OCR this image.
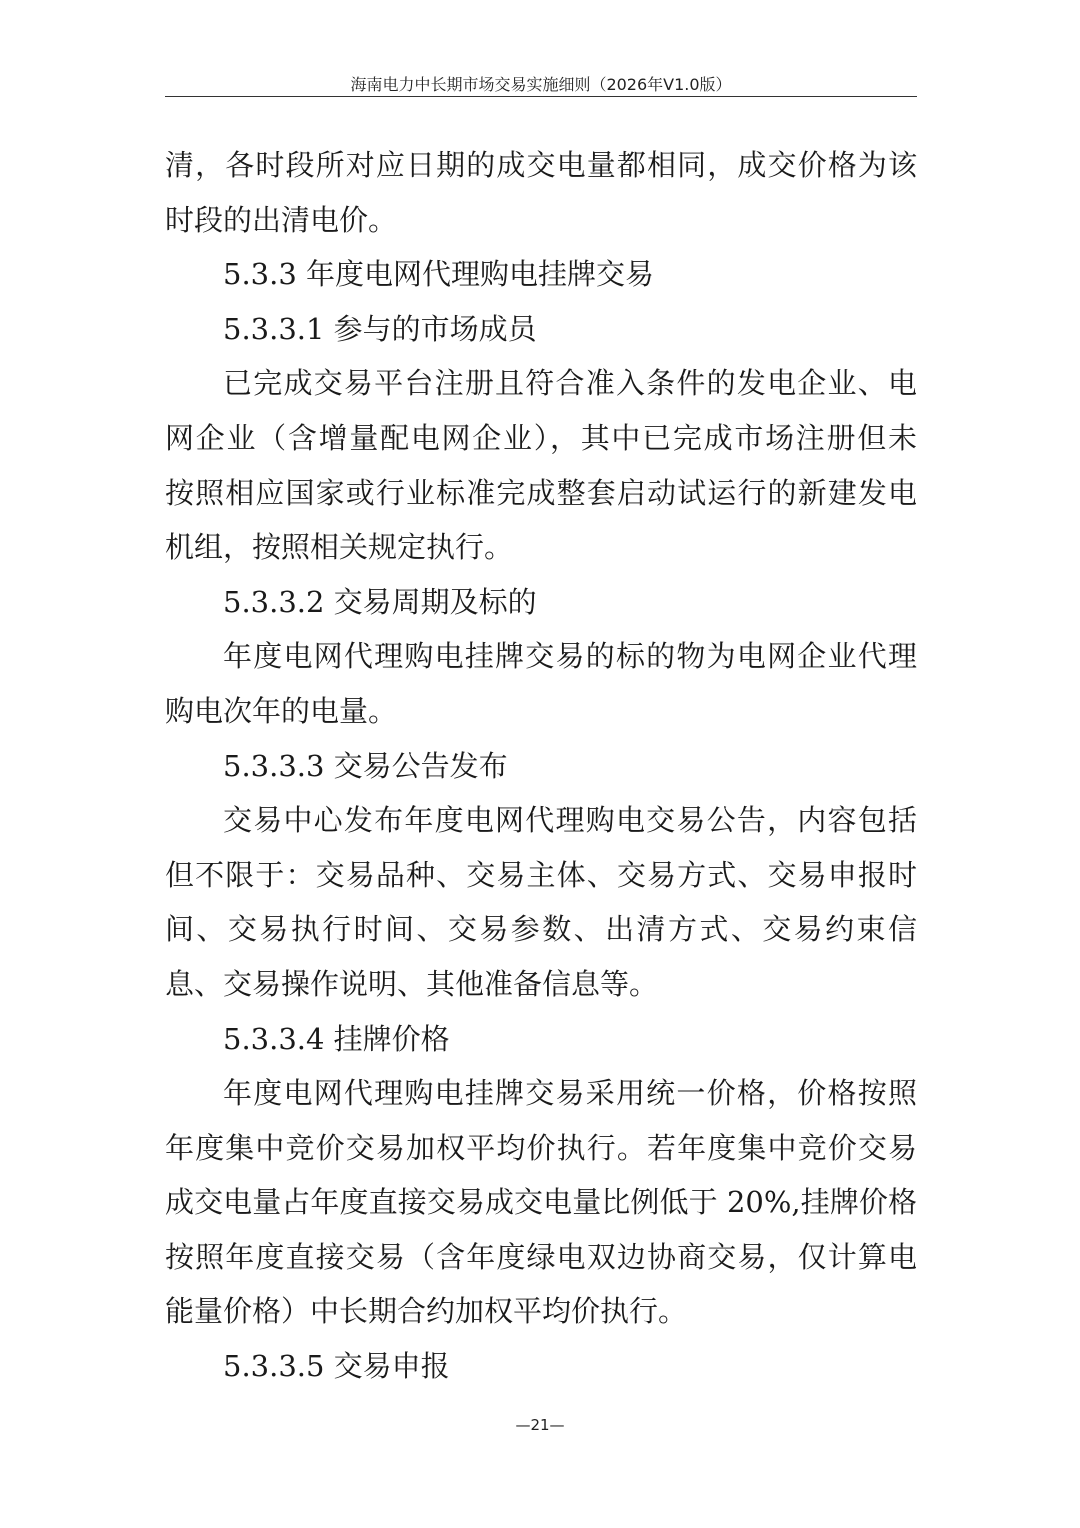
海南电力中长期市场交易实施细则（2026年V1.0版）
清，各时段所对应日期的成交电量都相同，成交价格为该
时段的出清电价。
5.3.3 年度电网代理购电挂牌交易
5.3.3.1 参与的市场成员
已完成交易平台注册且符合准入条件的发电企业、电
网企业（含增量配电网企业），其中已完成市场注册但未
按照相应国家或行业标准完成整套启动试运行的新建发电
机组，按照相关规定执行。
5.3.3.2 交易周期及标的
年度电网代理购电挂牌交易的标的物为电网企业代理
购电次年的电量。
5.3.3.3 交易公告发布
交易中心发布年度电网代理购电交易公告，内容包括
但不限于：交易品种、交易主体、交易方式、交易申报时
间、交易执行时间、交易参数、出清方式、交易约束信
息、交易操作说明、其他准备信息等。
5.3.3.4 挂牌价格
年度电网代理购电挂牌交易采用统一价格，价格按照
年度集中竞价交易加权平均价执行。若年度集中竞价交易
成交电量占年度直接交易成交电量比例低于 20%,挂牌价格
按照年度直接交易（含年度绿电双边协商交易，仅计算电
能量价格）中长期合约加权平均价执行。
5.3.3.5 交易申报
—21—
